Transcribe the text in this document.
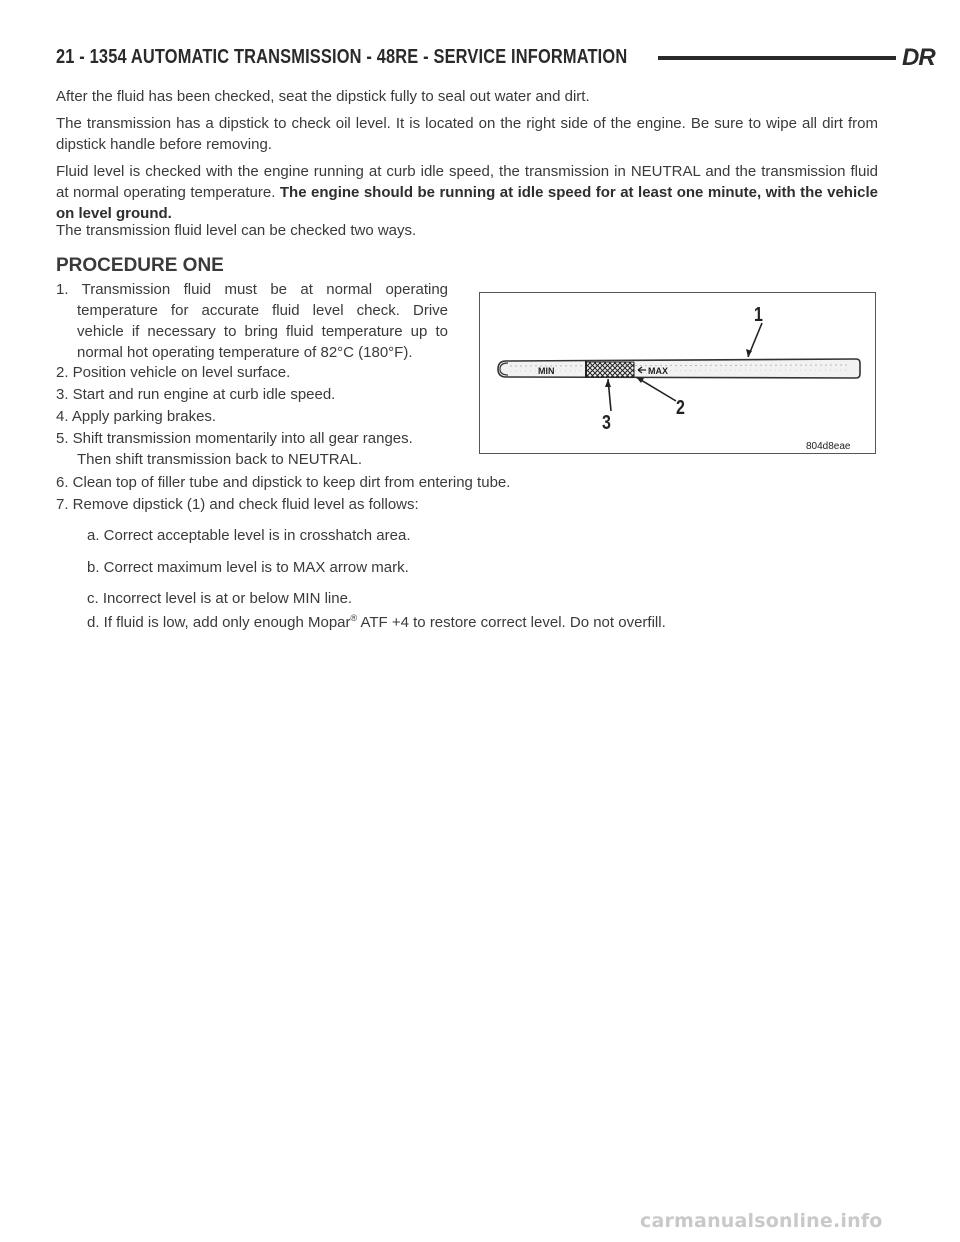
21 - 1354 AUTOMATIC TRANSMISSION - 48RE - SERVICE INFORMATION	DR

After the fluid has been checked, seat the dipstick fully to seal out water and dirt.

The transmission has a dipstick to check oil level. It is located on the right side of the engine. Be sure to wipe all dirt from dipstick handle before removing.

Fluid level is checked with the engine running at curb idle speed, the transmission in NEUTRAL and the transmission fluid at normal operating temperature. The engine should be running at idle speed for at least one minute, with the vehicle on level ground.

The transmission fluid level can be checked two ways.

PROCEDURE ONE
1. Transmission fluid must be at normal operating
temperature for accurate fluid level check. Drive
vehicle if necessary to bring fluid temperature up to
normal hot operating temperature of 82°C (180°F).

2. Position vehicle on level surface.

3. Start and run engine at curb idle speed.

4. Apply parking brakes.

5. Shift transmission momentarily into all gear ranges.
Then shift transmission back to NEUTRAL.

6. Clean top of filler tube and dipstick to keep dirt from entering tube.

7. Remove dipstick (1) and check fluid level as follows:

a. Correct acceptable level is in crosshatch area.

b. Correct maximum level is to MAX arrow mark.

c. Incorrect level is at or below MIN line.

d. If fluid is low, add only enough Mopar® ATF +4 to restore correct level. Do not overfill.

MIN	MAX
1
2
3
804d8eae
carmanualsonline.info
